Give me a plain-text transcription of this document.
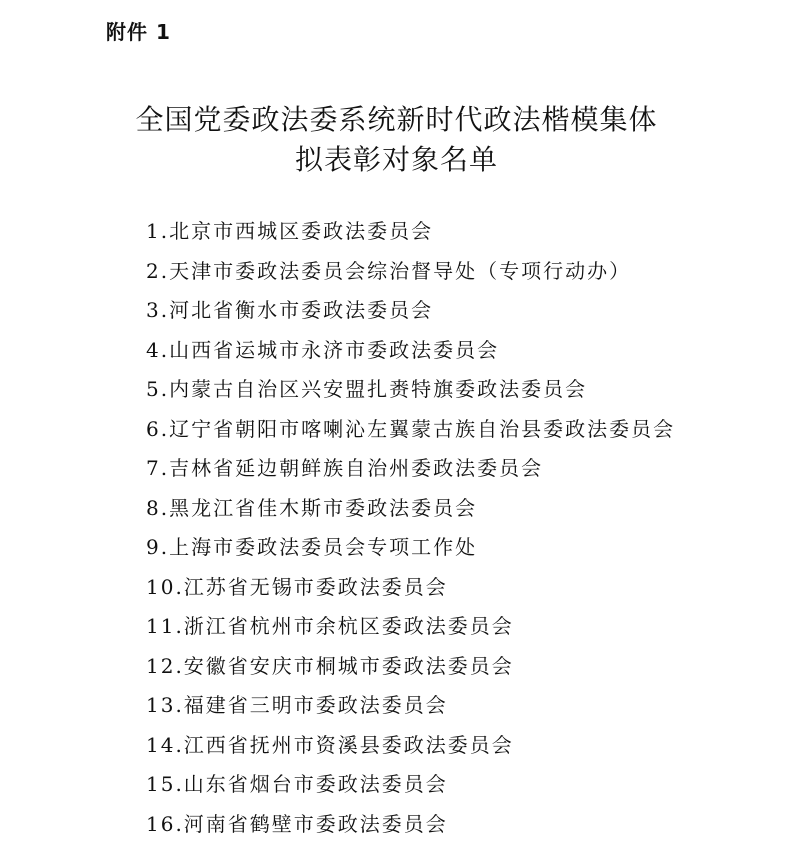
附件 1
全国党委政法委系统新时代政法楷模集体
拟表彰对象名单
1.北京市西城区委政法委员会
2.天津市委政法委员会综治督导处（专项行动办）
3.河北省衡水市委政法委员会
4.山西省运城市永济市委政法委员会
5.内蒙古自治区兴安盟扎赉特旗委政法委员会
6.辽宁省朝阳市喀喇沁左翼蒙古族自治县委政法委员会
7.吉林省延边朝鲜族自治州委政法委员会
8.黑龙江省佳木斯市委政法委员会
9.上海市委政法委员会专项工作处
10.江苏省无锡市委政法委员会
11.浙江省杭州市余杭区委政法委员会
12.安徽省安庆市桐城市委政法委员会
13.福建省三明市委政法委员会
14.江西省抚州市资溪县委政法委员会
15.山东省烟台市委政法委员会
16.河南省鹤壁市委政法委员会
